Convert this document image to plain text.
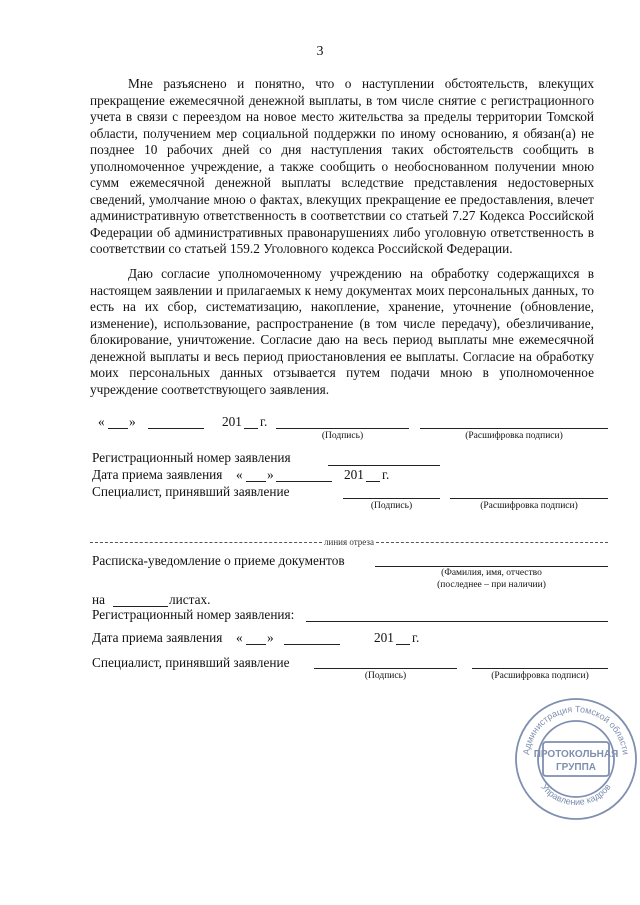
3

Мне разъяснено и понятно, что о наступлении обстоятельств, влекущих прекращение ежемесячной денежной выплаты, в том числе снятие с регистрационного учета в связи с переездом на новое место жительства за пределы территории Томской области, получением мер социальной поддержки по иному основанию, я обязан(а) не позднее 10 рабочих дней со дня наступления таких обстоятельств сообщить в уполномоченное учреждение, а также сообщить о необоснованном получении мною сумм ежемесячной денежной выплаты вследствие представления недостоверных сведений, умолчание мною о фактах, влекущих прекращение ее предоставления, влечет административную ответственность в соответствии со статьей 7.27 Кодекса Российской Федерации об административных правонарушениях либо уголовную ответственность в соответствии со статьей 159.2 Уголовного кодекса Российской Федерации.

Даю согласие уполномоченному учреждению на обработку содержащихся в настоящем заявлении и прилагаемых к нему документах моих персональных данных, то есть на их сбор, систематизацию, накопление, хранение, уточнение (обновление, изменение), использование, распространение (в том числе передачу), обезличивание, блокирование, уничтожение. Согласие даю на весь период выплаты мне ежемесячной денежной выплаты и весь период приостановления ее выплаты. Согласие на обработку моих персональных данных отзывается путем подачи мною в уполномоченное учреждение соответствующего заявления.

« »	201 г.
(Подпись)	(Расшифровка подписи)
Регистрационный номер заявления
Дата приема заявления « »	201 г.
Специалист, принявший заявление
(Подпись)	(Расшифровка подписи)
линия отреза
Расписка-уведомление о приеме документов
(Фамилия, имя, отчество
(последнее – при наличии)
на	листах.
Регистрационный номер заявления:
Дата приема заявления « »	201 г.
Специалист, принявший заявление
(Подпись)	(Расшифровка подписи)
Администрация Томской области
Управление кадров
ПРОТОКОЛЬНАЯ
ГРУППА
